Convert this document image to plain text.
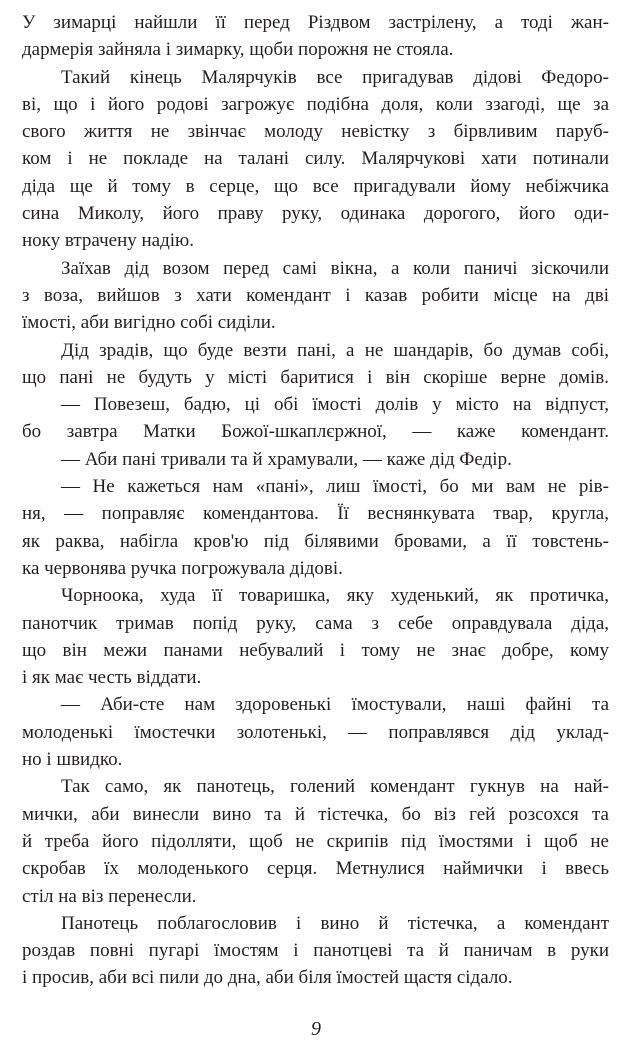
У зимарці найшли її перед Різдвом застрілену, а тоді жан-
дармерія зайняла і зимарку, щоби порожня не стояла.
Такий кінець Малярчуків все пригадував дідові Федоро-
ві, що і його родові загрожує подібна доля, коли ззагоді, ще за
свого життя не звінчає молоду невістку з бірвливим паруб-
ком і не покладе на талані силу. Малярчукові хати потинали
діда ще й тому в серце, що все пригадували йому небіжчика
сина Миколу, його праву руку, одинака дорогого, його оди-
ноку втрачену надію.
Заїхав дід возом перед самі вікна, а коли паничі зіскочили
з воза, вийшов з хати комендант і казав робити місце на дві
їмості, аби вигідно собі сиділи.
Дід зрадів, що буде везти пані, а не шандарів, бо думав собі,
що пані не будуть у місті баритися і він скоріше верне домів.
— Повезеш, бадю, ці обі їмості долів у місто на відпуст,
бо завтра Матки Божої-шкаплєржної, — каже комендант.
— Аби пані тривали та й храмували, — каже дід Федір.
— Не кажеться нам «пані», лиш їмості, бо ми вам не рів-
ня, — поправляє комендантова. Її веснянкувата твар, кругла,
як раква, набігла кров'ю під білявими бровами, а її товстень-
ка червонява ручка погрожувала дідові.
Чорноока, худа її товаришка, яку худенький, як протичка,
панотчик тримав попід руку, сама з себе оправдувала діда,
що він межи панами небувалий і тому не знає добре, кому
і як має честь віддати.
— Аби-сте нам здоровенькі їмостували, наші файні та
молоденькі їмостечки золотенькі, — поправлявся дід уклад-
но і швидко.
Так само, як панотець, голений комендант гукнув на най-
мички, аби винесли вино та й тістечка, бо віз гей розсохся та
й треба його підолляти, щоб не скрипів під їмостями і щоб не
скробав їх молоденького серця. Метнулися наймички і ввесь
стіл на віз перенесли.
Панотець поблагословив і вино й тістечка, а комендант
роздав повні пугарі їмостям і панотцеві та й паничам в руки
і просив, аби всі пили до дна, аби біля їмостей щастя сідало.
9
